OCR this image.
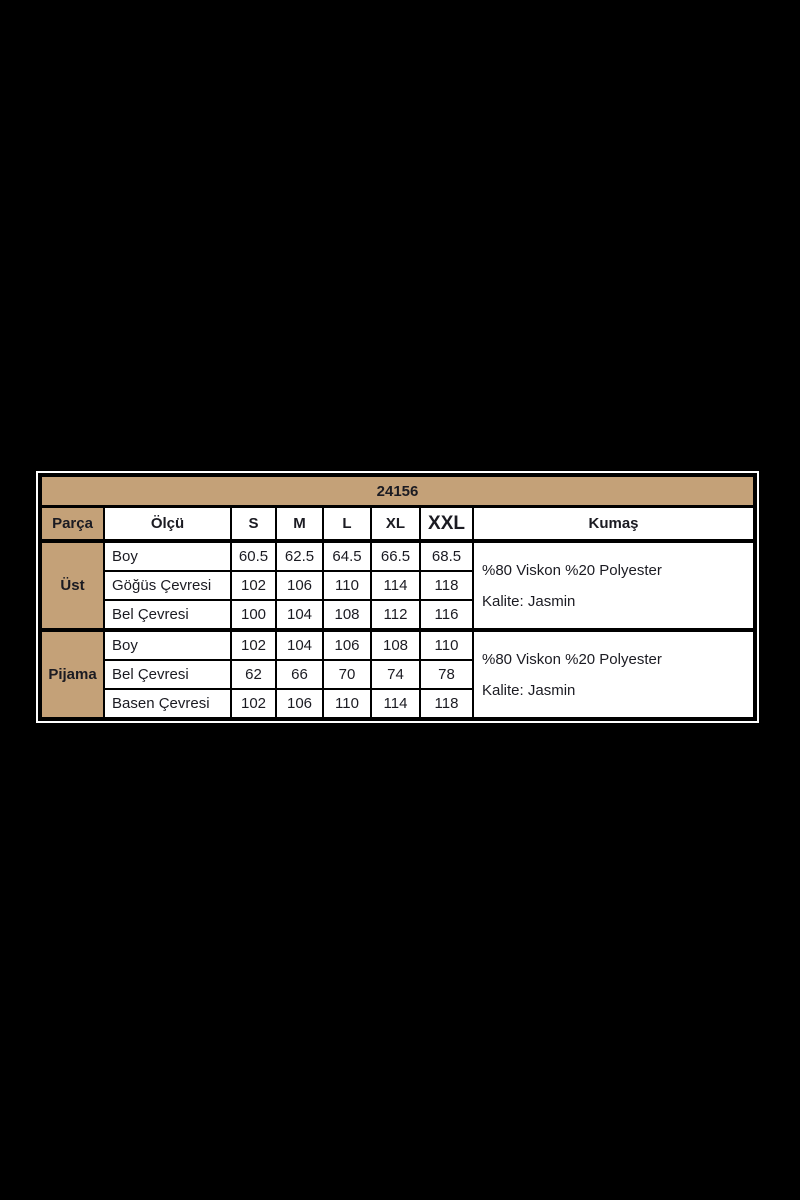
24156							
Parça	Ölçü	S	M	L	XL	XXL	Kumaş
Üst	Boy	60.5	62.5	64.5	66.5	68.5	%80 Viskon %20 Polyester
Kalite: Jasmin

	Göğüs Çevresi	102	106	110	114	118	
	Bel Çevresi	100	104	108	112	116	
Pijama	Boy	102	104	106	108	110	%80 Viskon %20 Polyester
Kalite: Jasmin

	Bel Çevresi	62	66	70	74	78	
	Basen Çevresi	102	106	110	114	118	
